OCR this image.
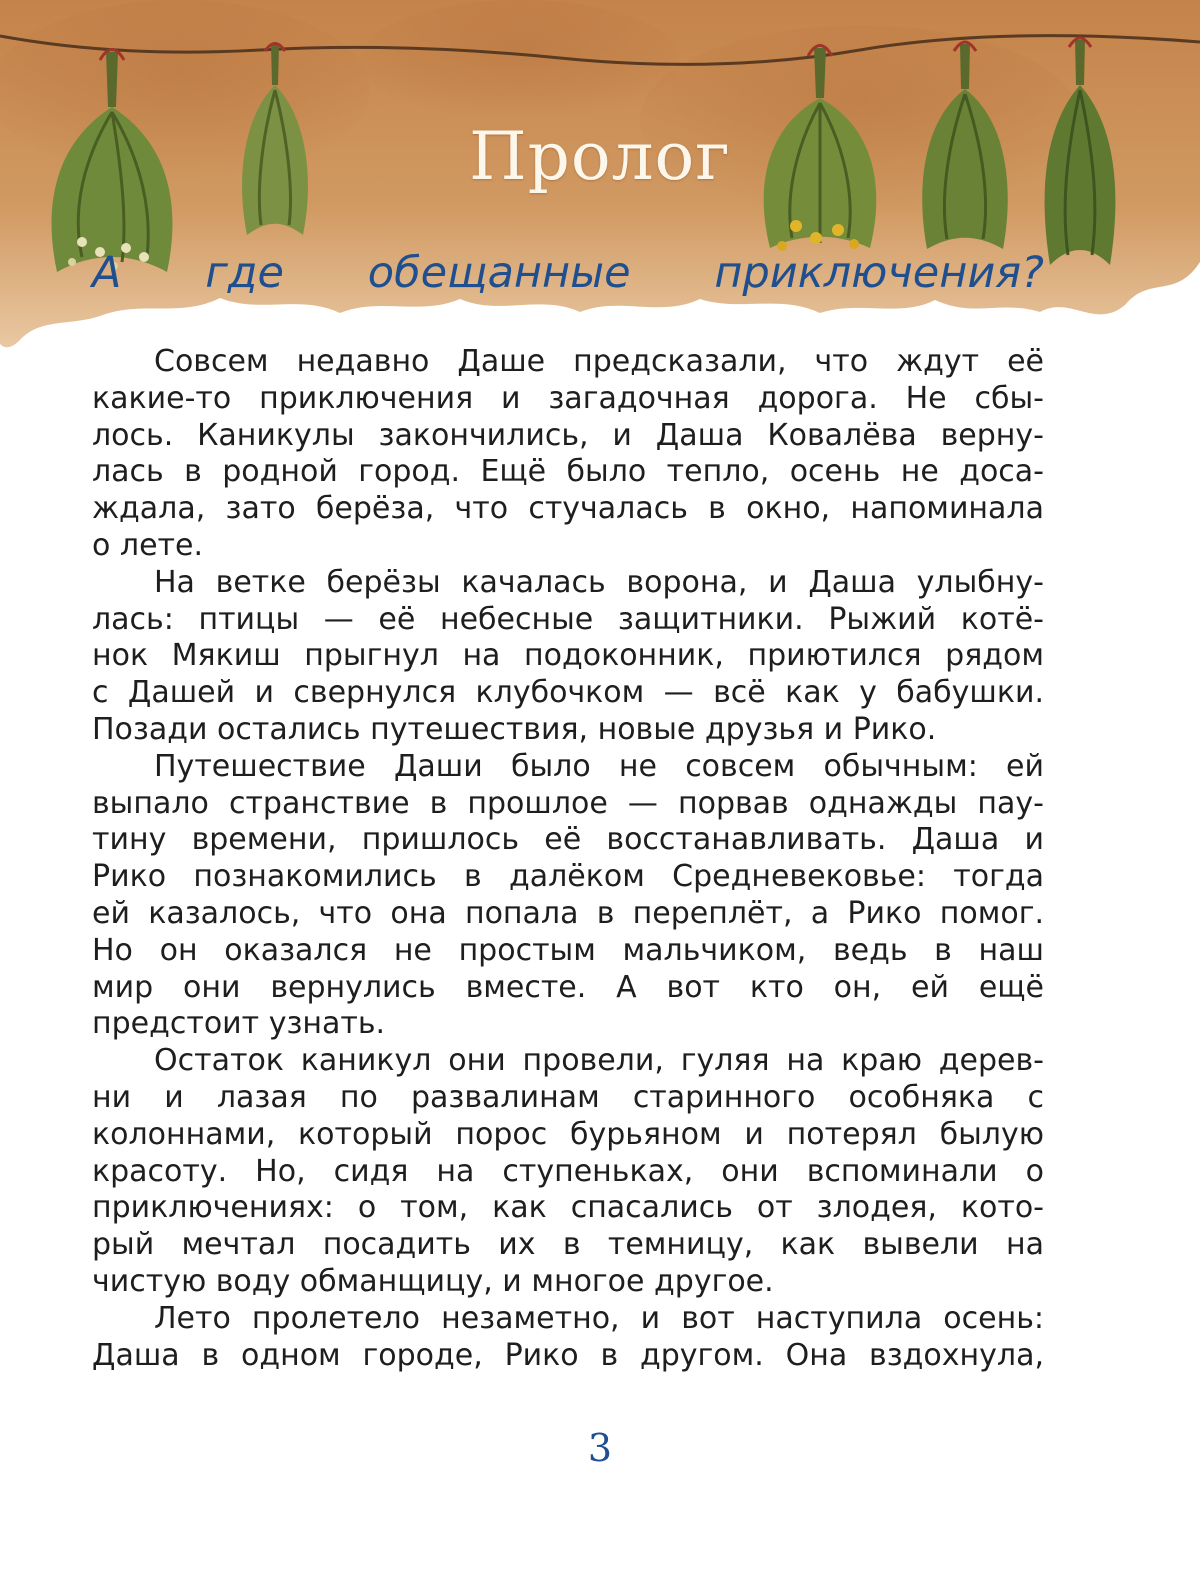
Пролог
А где обещанные приключения?
Совсем недавно Даше предсказали, что ждут её
какие-то приключения и загадочная дорога. Не сбы-
лось. Каникулы закончились, и Даша Ковалёва верну-
лась в родной город. Ещё было тепло, осень не доса-
ждала, зато берёза, что стучалась в окно, напоминала
о лете.
На ветке берёзы качалась ворона, и Даша улыбну-
лась: птицы — её небесные защитники. Рыжий котё-
нок Мякиш прыгнул на подоконник, приютился рядом
с Дашей и свернулся клубочком — всё как у бабушки.
Позади остались путешествия, новые друзья и Рико.
Путешествие Даши было не совсем обычным: ей
выпало странствие в прошлое — порвав однажды пау-
тину времени, пришлось её восстанавливать. Даша и
Рико познакомились в далёком Средневековье: тогда
ей казалось, что она попала в переплёт, а Рико помог.
Но он оказался не простым мальчиком, ведь в наш
мир они вернулись вместе. А вот кто он, ей ещё
предстоит узнать.
Остаток каникул они провели, гуляя на краю дерев-
ни и лазая по развалинам старинного особняка с
колоннами, который порос бурьяном и потерял былую
красоту. Но, сидя на ступеньках, они вспоминали о
приключениях: о том, как спасались от злодея, кото-
рый мечтал посадить их в темницу, как вывели на
чистую воду обманщицу, и многое другое.
Лето пролетело незаметно, и вот наступила осень:
Даша в одном городе, Рико в другом. Она вздохнула,
3
